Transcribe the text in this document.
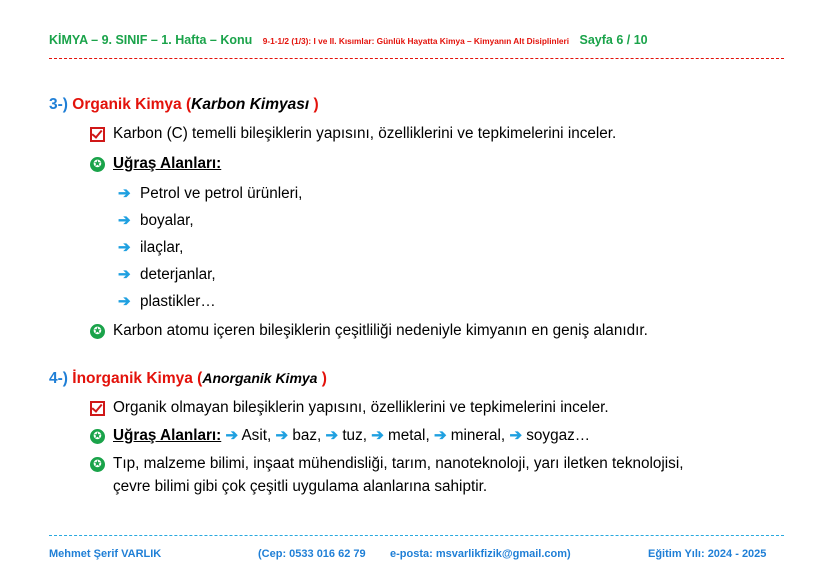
KİMYA – 9. SINIF – 1. Hafta – Konu 9-1-1/2 (1/3): I ve II. Kısımlar: Günlük Hayatta Kimya – Kimyanın Alt Disiplinleri Sayfa 6 / 10
3-) Organik Kimya (Karbon Kimyası )
Karbon (C) temelli bileşiklerin yapısını, özelliklerini ve tepkimelerini inceler.
✪ Uğraş Alanları:
➔ Petrol ve petrol ürünleri,
➔ boyalar,
➔ ilaçlar,
➔ deterjanlar,
➔ plastikler…
✪ Karbon atomu içeren bileşiklerin çeşitliliği nedeniyle kimyanın en geniş alanıdır.
4-) İnorganik Kimya (Anorganik Kimya )
Organik olmayan bileşiklerin yapısını, özelliklerini ve tepkimelerini inceler.
✪ Uğraş Alanları: ➔ Asit, ➔ baz, ➔ tuz, ➔ metal, ➔ mineral, ➔ soygaz…
✪ Tıp, malzeme bilimi, inşaat mühendisliği, tarım, nanoteknoloji, yarı iletken teknolojisi,
çevre bilimi gibi çok çeşitli uygulama alanlarına sahiptir.
Mehmet Şerif VARLIK	(Cep: 0533 016 62 79 e-posta: msvarlikfizik@gmail.com)	Eğitim Yılı: 2024 - 2025
